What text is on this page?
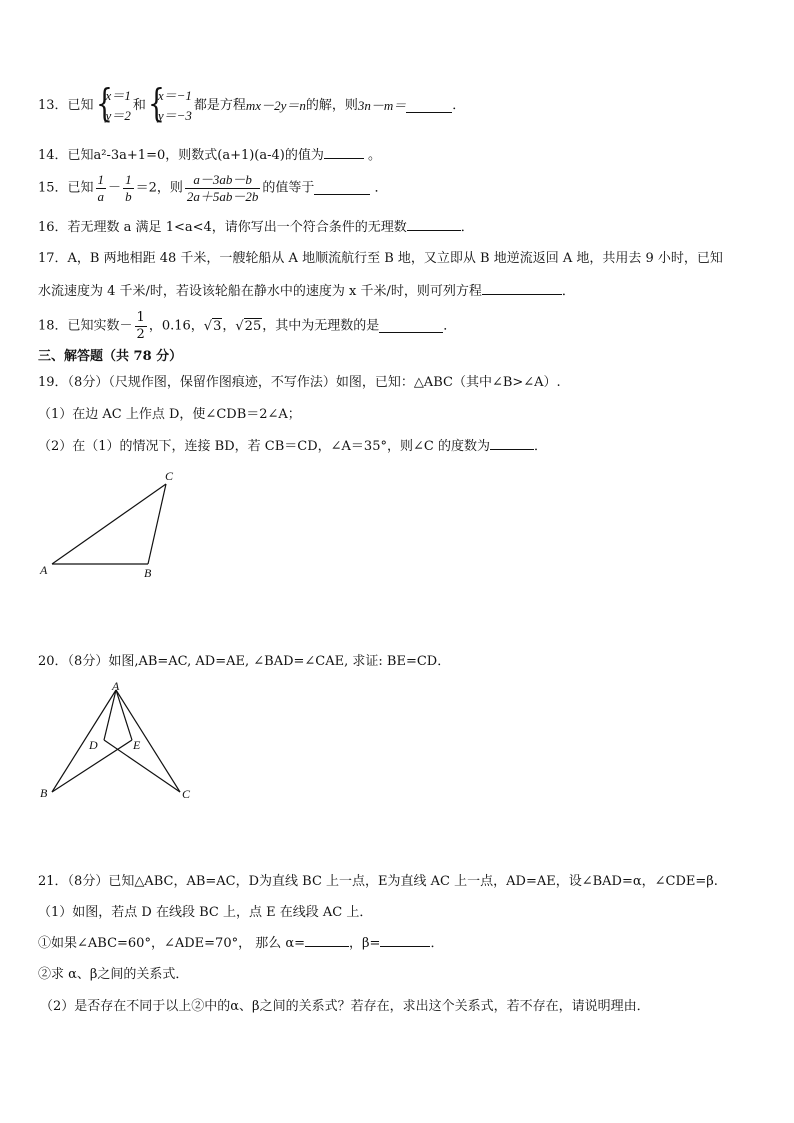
13．已知 {
x＝1
y＝2
和 {
x＝−1
y＝−3
都是方程mx－2y＝n的解，则3n－m＝	．
14．已知a²-3a+1=0，则数式(a+1)(a-4)的值为	。
15．已知 $\frac{1}{a} - \frac{1}{b} =2$，则 $\frac{a-3ab-b}{2a+5ab-2b}$ 的值等于	．
16．若无理数 a 满足 1<a<4，请你写出一个符合条件的无理数	．
17．A，B 两地相距 48 千米，一艘轮船从 A 地顺流航行至 B 地，又立即从 B 地逆流返回 A 地，共用去 9 小时，已知
水流速度为 4 千米/时，若设该轮船在静水中的速度为 x 千米/时，则可列方程	．
18．已知实数－ $\frac{1}{2}$ ，0.16，√3，√25，其中为无理数的是	．
三、解答题（共 78 分）
19．（8分）（尺规作图，保留作图痕迹，不写作法）如图，已知：△ABC（其中∠B>∠A）.
（1）在边 AC 上作点 D，使∠CDB＝2∠A；
（2）在（1）的情况下，连接 BD，若 CB＝CD，∠A＝35°，则∠C 的度数为	．
A	B
C
20．（8分）如图,AB=AC, AD=AE, ∠BAD=∠CAE, 求证: BE=CD．
A
B	C
D	E
21．（8分）已知△ABC，AB=AC，D为直线 BC 上一点，E为直线 AC 上一点，AD=AE，设∠BAD=α，∠CDE=β.
（1）如图，若点 D 在线段 BC 上，点 E 在线段 AC 上．
①如果∠ABC=60°，∠ADE=70°， 那么 α=	，β=	．
②求 α、β之间的关系式．
（2）是否存在不同于以上②中的α、β之间的关系式？若存在，求出这个关系式，若不存在，请说明理由．
